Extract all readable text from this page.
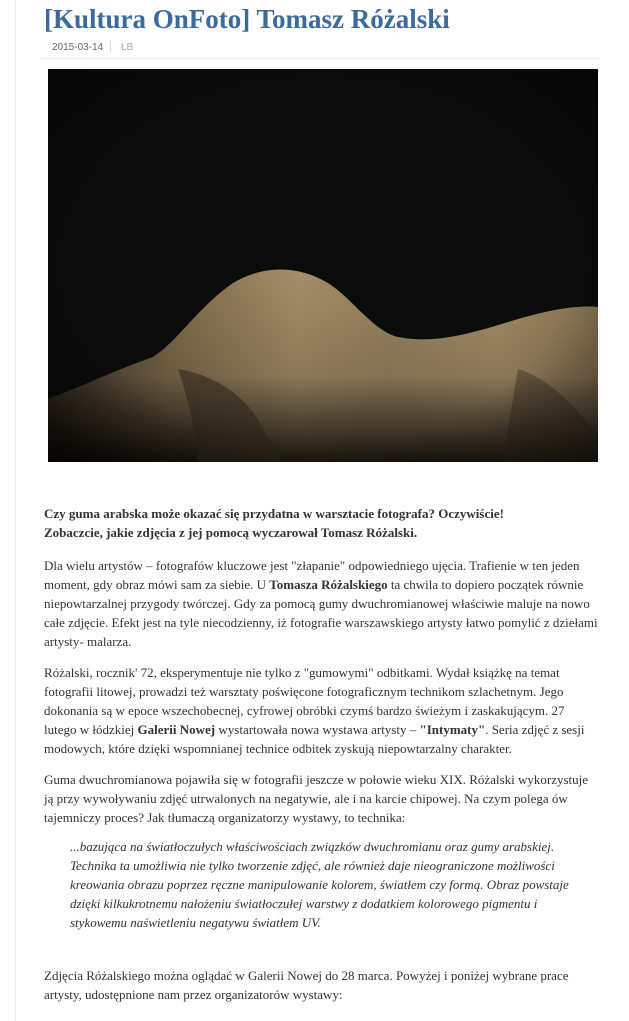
[Kultura OnFoto] Tomasz Różalski
2015-03-14 ŁB

Czy guma arabska może okazać się przydatna w warsztacie fotografa? Oczywiście!
Zobaczcie, jakie zdjęcia z jej pomocą wyczarował Tomasz Różalski.

Dla wielu artystów – fotografów kluczowe jest "złapanie" odpowiedniego ujęcia. Trafienie w ten jeden moment, gdy obraz mówi sam za siebie. U Tomasza Różalskiego ta chwila to dopiero początek równie niepowtarzalnej przygody twórczej. Gdy za pomocą gumy dwuchromianowej właściwie maluje na nowo całe zdjęcie. Efekt jest na tyle niecodzienny, iż fotografie warszawskiego artysty łatwo pomylić z dziełami artysty- malarza.

Różalski, rocznik' 72, eksperymentuje nie tylko z "gumowymi" odbitkami. Wydał książkę na temat fotografii litowej, prowadzi też warsztaty poświęcone fotograficznym technikom szlachetnym. Jego dokonania są w epoce wszechobecnej, cyfrowej obróbki czymś bardzo świeżym i zaskakującym. 27 lutego w łódzkiej Galerii Nowej wystartowała nowa wystawa artysty – "Intymaty". Seria zdjęć z sesji modowych, które dzięki wspomnianej technice odbitek zyskują niepowtarzalny charakter.

Guma dwuchromianowa pojawiła się w fotografii jeszcze w połowie wieku XIX. Różalski wykorzystuje ją przy wywoływaniu zdjęć utrwalonych na negatywie, ale i na karcie chipowej. Na czym polega ów tajemniczy proces? Jak tłumaczą organizatorzy wystawy, to technika:

...bazująca na światłoczułych właściwościach związków dwuchromianu oraz gumy arabskiej. Technika ta umożliwia nie tylko tworzenie zdjęć, ale również daje nieograniczone możliwości kreowania obrazu poprzez ręczne manipulowanie kolorem, światłem czy formą. Obraz powstaje dzięki kilkukrotnemu nałożeniu światłoczułej warstwy z dodatkiem kolorowego pigmentu i stykowemu naświetleniu negatywu światłem UV.

Zdjęcia Różalskiego można oglądać w Galerii Nowej do 28 marca. Powyżej i poniżej wybrane prace artysty, udostępnione nam przez organizatorów wystawy:
